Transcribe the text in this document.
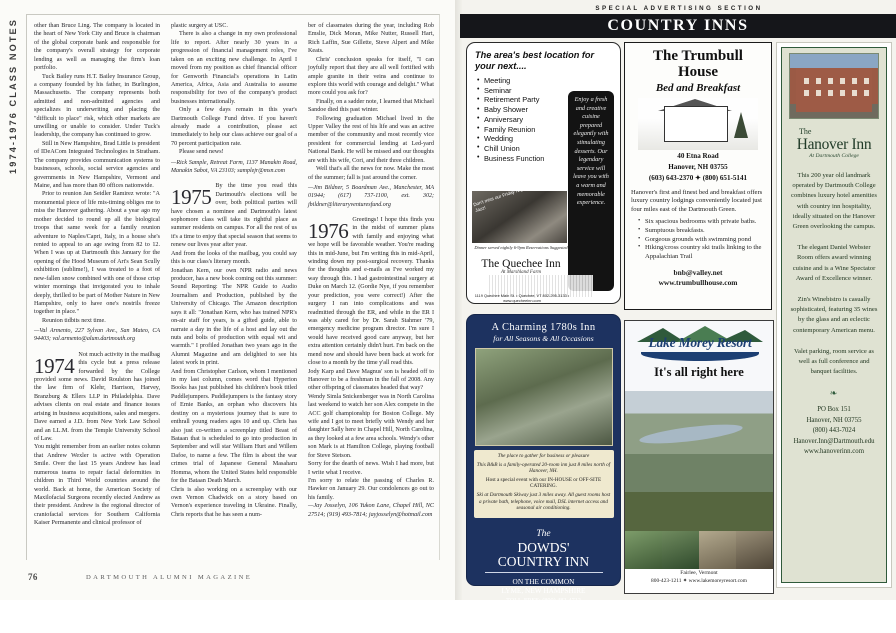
1974-1976 CLASS NOTES	other than Bruce Ling. The company is located in the heart of New York City and Bruce is chairman of the global corporate bank and responsible for the company's overall strategy for corporate lending as well as managing the firm's loan portfolio.

Tuck Bailey runs H.T. Bailey Insurance Group, a company founded by his father, in Burlington, Massachusetts. The company represents both admitted and non-admitted agencies and specializes in underwriting and placing the "difficult to place" risk, which other markets are unwilling or unable to consider. Under Tuck's leadership, the company has continued to grow.

Still in New Hampshire, Brad Little is president of IDeACom Integrated Technologies in Stratham. The company provides communication systems to businesses, schools, social service agencies and governments in New Hampshire, Vermont and Maine, and has more than 80 offices nationwide.

Prior to reunion Jan Seidler Ramirez wrote: "A monumental piece of life mis-timing obliges me to miss the Hanover gathering. About a year ago my mother decided to round up all the biological troops that same week for a family reunion adventure to Naples/Capri, Italy, in a house she's rented to appeal to an age swing from 82 to 12. When I was up at Dartmouth this January for the opening of the Hood Museum of Art's Sean Scully exhibition (sublime!), I was treated to a foot of new-fallen snow combined with one of those crisp winter mornings that invigorated you to inhale deeply, thrilled to be part of Mother Nature in New Hampshire, only to have one's nostrils freeze together in place."

Reunion tidbits next time.

—Val Armento, 227 Sylvan Ave., San Mateo, CA 94403; val.armento@alum.dartmouth.org

1974 Not much activity in the mailbag this cycle but a press release forwarded by the College provided some news. David Roulston has joined the law firm of Klehr, Harrison, Harvey, Branzburg & Ellers LLP in Philadelphia. Dave advises clients on real estate and finance issues arising in business acquisitions, sales and mergers. Dave earned a J.D. from New York Law School and an LL.M. from the Temple University School of Law.

You might remember from an earlier notes column that Andrew Wexler is active with Operation Smile. Over the last 15 years Andrew has lead numerous teams to repair facial deformities in children in Third World countries around the world. Back at home, the American Society of Maxilofacial Surgeons recently elected Andrew as their president. Andrew is the regional director of craniofacial services for Southern California Kaiser Permanente and clinical professor of

plastic surgery at USC.

There is also a change in my own professional life to report. After nearly 30 years in a progression of financial management roles, I've taken on an exciting new challenge. In April I moved from my position as chief financial officer for Genworth Financial's operations in Latin America, Africa, Asia and Australia to assume responsibility for two of the company's product businesses internationally.

Only a few days remain in this year's Dartmouth College Fund drive. If you haven't already made a contribution, please act immediately to help our class achieve our goal of a 70 percent participation rate.

Please send news!

—Rick Sample, Retreat Farm, 1137 Manakin Road, Manakin Sabot, VA 23103; samplejr@msn.com

1975 By the time you read this Dartmouth's elections will be over, both political parties will have chosen a nominee and Dartmouth's latest sophomore class will take its rightful place as summer residents on campus. For all the rest of us it's a time to enjoy that special season that seems to renew our lives year after year.

And from the looks of the mailbag, you could say this is our class's literary month.

Jonathan Kern, our own NPR radio and news producer, has a new book coming out this summer: Sound Reporting: The NPR Guide to Audio Journalism and Production, published by the University of Chicago. The Amazon description says it all: "Jonathan Kern, who has trained NPR's on-air staff for years, is a gifted guide, able to narrate a day in the life of a host and lay out the nuts and bolts of production with equal wit and warmth." I profiled Jonathan two years ago in the Alumni Magazine and am delighted to see his latest work in print.

And from Christopher Carlson, whom I mentioned in my last column, comes word that Hyperion Books has just published his children's book titled Puddlejumpers. Puddlejumpers is the fantasy story of Ernie Banks, an orphan who discovers his destiny on a mysterious journey that is sure to enthrall young readers ages 10 and up. Chris has also just co-written a screenplay titled Beast of Bataan that is scheduled to go into production in September and will star William Hurt and Willem Dafoe, to name a few. The film is about the war crimes trial of Japanese General Masaharu Homma, whom the United States held responsible for the Bataan Death March.

Chris is also working on a screenplay with our own Vernon Chadwick on a story based on Vernon's experience traveling in Ukraine. Finally, Chris reports that he has seen a num-

ber of classmates during the year, including Rob Emslie, Dick Moran, Mike Nutter, Russell Hart, Rich Laffin, Sue Gillette, Steve Alpert and Mike Keats.

Chris' conclusion speaks for itself, "I can joyfully report that they are all well fortified with ample granite in their veins and continue to explore this world with courage and delight." What more could you ask for?

Finally, on a sadder note, I learned that Michael Sandoe died this past winter.

Following graduation Michael lived in the Upper Valley the rest of his life and was an active member of the community and most recently vice president for commercial lending at Led-yard National Bank. He will be missed and our thoughts are with his wife, Cori, and their three children.

Well that's all the news for now. Make the most of the summer; fall is just around the corner.

—Jim Bildner, 5 Boardman Ave., Manchester, MA 01944; (617) 737-1100, ext. 302; jbildner@literaryventuresfund.org

1976 Greetings! I hope this finds you in the midst of summer plans with family and enjoying what we hope will be favorable weather. You're reading this in mid-June, but I'm writing this in mid-April, winding down my post-surgical recovery. Thanks for the thoughts and e-mails as I've worked my way through this. I had gastrointestinal surgery at Duke on March 12. (Gordie Nye, if you remember your prediction, you were correct!) After the surgery I ran into complications and was readmitted through the ER, and while in the ER I was ably cared for by Dr. Sarah Stahmer '79, emergency medicine program director. I'm sure I would have received good care anyway, but her extra attention certainly didn't hurt. I'm back on the mend now and should have been back at work for close to a month by the time y'all read this.

Jody Karp and Dave Magnus' son is headed off to Hanover to be a freshman in the fall of 2008. Any other offspring of classmates headed that way?

Wendy Simla Snickenberger was in North Carolina last weekend to watch her son Alex compete in the ACC golf championship for Boston College. My wife and I got to meet briefly with Wendy and her daughter Sally here in Chapel Hill, North Carolina, as they looked at a few area schools. Wendy's other son Mark is at Hamilton College, playing football for Steve Stetson.

Sorry for the dearth of news. Wish I had more, but I write what I receive.

I'm sorry to relate the passing of Charles R. Hawker on January 29. Our condolences go out to his family.

—Jay Josselyn, 106 Yukon Lane, Chapel Hill, NC 27514; (919) 493-7814; jayjosselyn@hotmail.com

76	DARTMOUTH ALUMNI MAGAZINE
SPECIAL ADVERTISING SECTION
COUNTRY INNS
The area's best location for your next....
• Meeting
• Seminar
• Retirement Party
• Baby Shower
• Anniversary
• Family Reunion
• Wedding
• Chill Union
• Business Function

Enjoy a fresh and creative cuisine prepared elegantly with stimulating desserts. Our legendary service will leave you with a warm and memorable experience.

Don't miss our Friday Night Jazz!
Dinner served nightly 6-9pm Reservations Suggested
The Quechee Inn
At Marshland Farm
1119 Quechee Main St. • Quechee, VT 802-295-3133 • www.quecheeinn.com
A Charming 1780s Inn
for All Seasons & All Occasions

The place to gather for business or pleasure

This B&B is a family-operated 20-room inn just 8 miles north of Hanover, NH.

Host a special event with our IN-HOUSE or OFF-SITE CATERING.

Ski at Dartmouth Skiway just 3 miles away. All guest rooms host a private bath, telephone, voice mail, DSL internet access and seasonal air conditioning.

The
DOWDS'
COUNTRY INN
ON THE COMMON
LYME, NEW HAMPSHIRE
TOLL-FREE: (800) 482-4712
(603) 795-4712
innkeeper@dowdscountryinn.com
www.dowdscountryinn.com
The Trumbull
House
Bed and Breakfast
40 Etna Road
Hanover, NH 03755
(603) 643-2370 ✦ (800) 651-5141
Hanover's first and finest bed and breakfast offers luxury country lodgings conveniently located just four miles east of the Dartmouth Green.
• Six spacious bedrooms with private baths.
• Sumptuous breakfasts.
• Gorgeous grounds with swimming pond
• Hiking/cross country ski trails linking to the Appalachian Trail
bnb@valley.net
www.trumbullhouse.com
Lake Morey Resort
It's all right here
Fairlee, Vermont
800-423-1211 ✦ www.lakemoreyresort.com
The
Hanover Inn
At Dartmouth College

This 200 year old landmark operated by Dartmouth College combines luxury hotel amenities with country inn hospitality, ideally situated on the Hanover Green overlooking the campus.

The elegant Daniel Webster Room offers award winning cuisine and is a Wine Spectator Award of Excellence winner.

Zin's Winebistro is casually sophisticated, featuring 35 wines by the glass and an eclectic contemporary American menu.

Valet parking, room service as well as full conference and banquet facilities.

❧
PO Box 151
Hanover, NH 03755
(800) 443-7024
Hanover.Inn@Dartmouth.edu
www.hanoverinn.com
